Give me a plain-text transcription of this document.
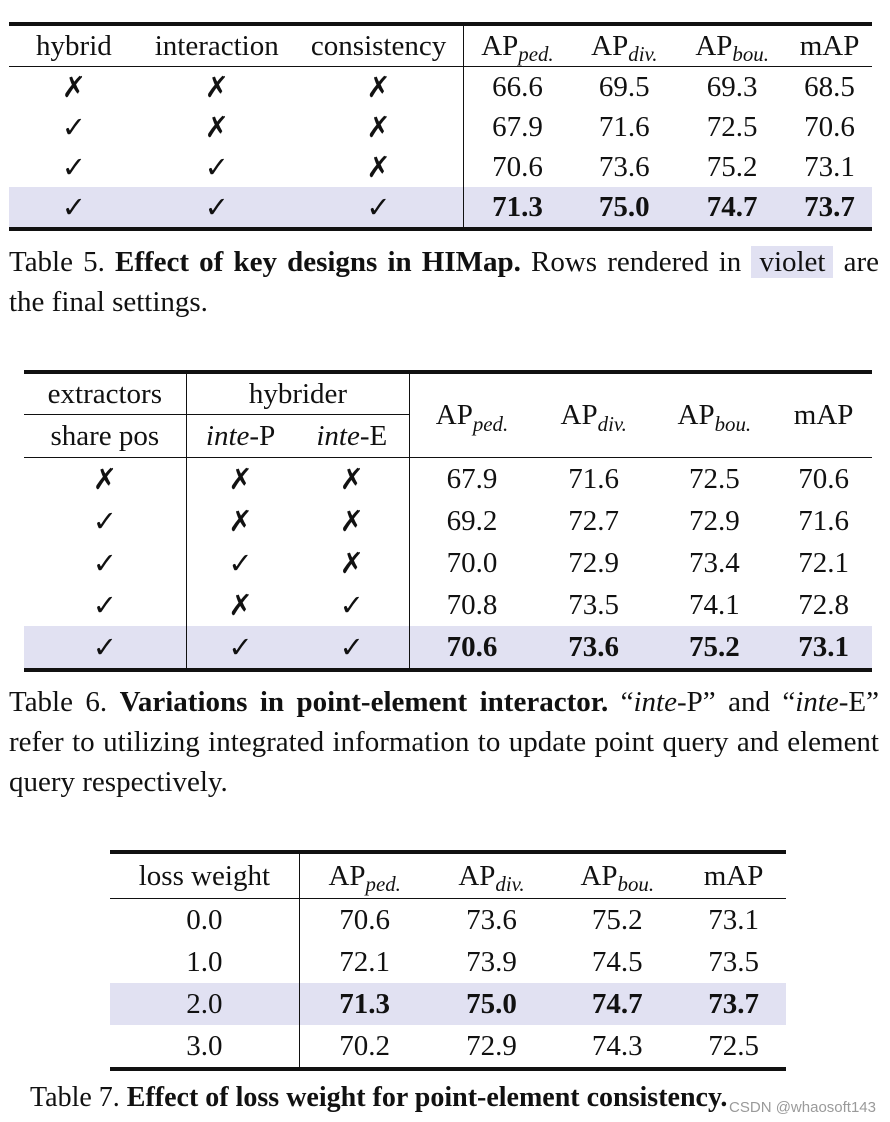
hybrid	interaction	consistency	$AP_{ped.}$	$AP_{div.}$	$AP_{bou.}$	mAP
✗	✗	✗	66.6	69.5	69.3	68.5
✓	✗	✗	67.9	71.6	72.5	70.6
✓	✓	✗	70.6	73.6	75.2	73.1
✓	✓	✓	71.3	75.0	74.7	73.7

Table 5. Effect of key designs in HIMap. Rows rendered in violet are the final settings.

extractors	hybrider		$AP_{ped.}$	$AP_{div.}$	$AP_{bou.}$	mAP
share pos	inte-P	inte-E				
✗	✗	✗	67.9	71.6	72.5	70.6
✓	✗	✗	69.2	72.7	72.9	71.6
✓	✓	✗	70.0	72.9	73.4	72.1
✓	✗	✓	70.8	73.5	74.1	72.8
✓	✓	✓	70.6	73.6	75.2	73.1

Table 6. Variations in point-element interactor. “inte-P” and “inte-E” refer to utilizing integrated information to update point query and element query respectively.

loss weight	$AP_{ped.}$	$AP_{div.}$	$AP_{bou.}$	mAP
0.0	70.6	73.6	75.2	73.1
1.0	72.1	73.9	74.5	73.5
2.0	71.3	75.0	74.7	73.7
3.0	70.2	72.9	74.3	72.5

Table 7. Effect of loss weight for point-element consistency. CSDN @whaosoft143
